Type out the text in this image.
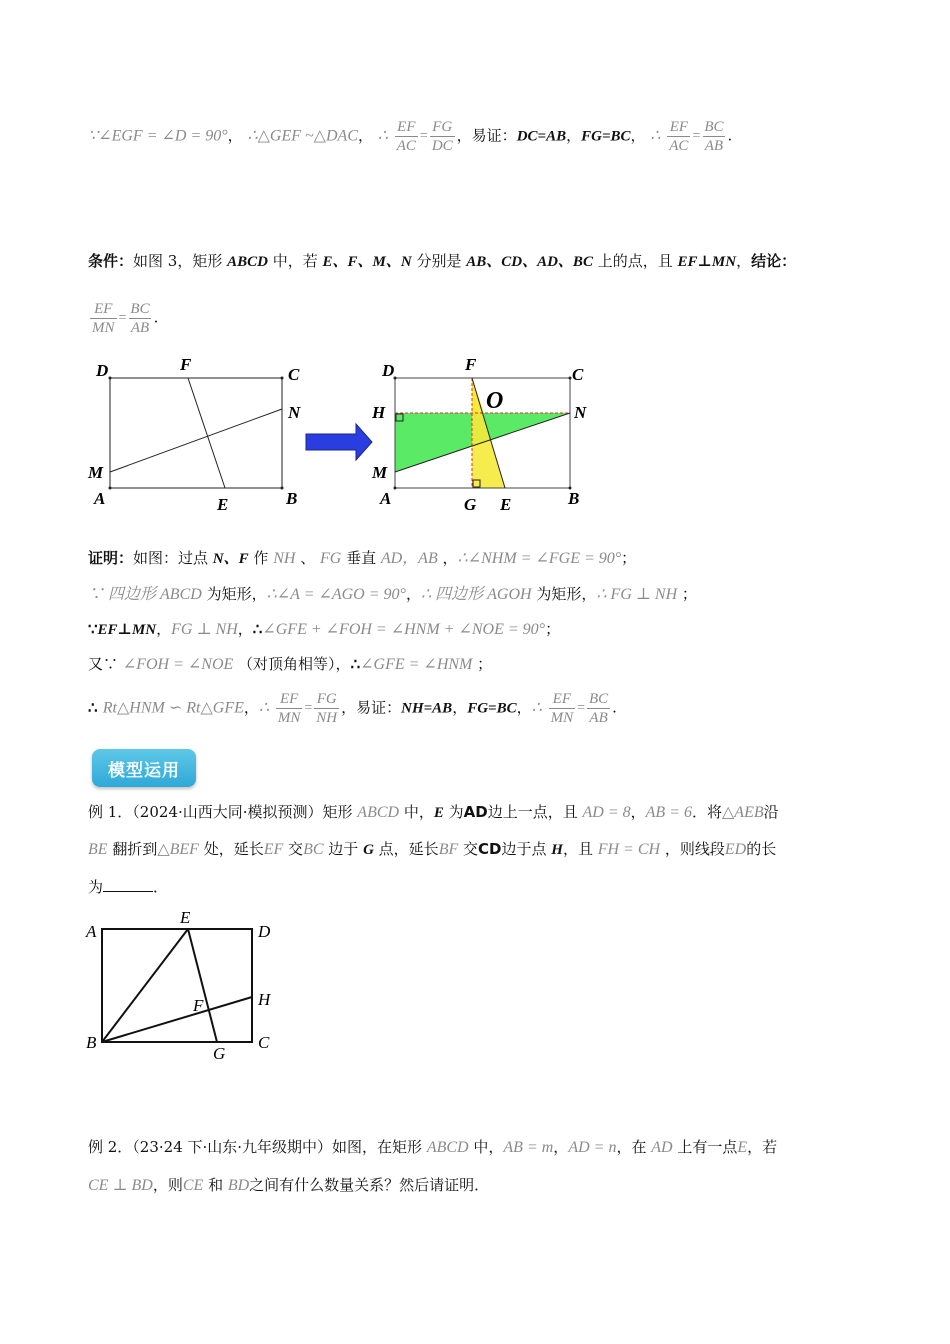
∵∠EGF = ∠D = 90°， ∴△GEF ~△DAC， ∴ $\frac{EF}{AC} = \frac{FG}{DC}$ ，易证：DC=AB，FG=BC， ∴ $\frac{EF}{AC} = \frac{BC}{AB}$ .
条件：如图 3，矩形 ABCD 中，若 E、F、M、N 分别是 AB、CD、AD、BC 上的点，且 EF⊥MN，结论：
$\frac{EF}{MN} = \frac{BC}{AB}$ .
D	F
C
N
M
A	E	B
D	F
C
H	O	N
M
A	G E	B
证明：如图：过点 N、F 作 NH 、 FG 垂直 AD，AB ，∴∠NHM = ∠FGE = 90°；
∵ 四边形 ABCD 为矩形，∴∠A = ∠AGO = 90°，∴ 四边形 AGOH 为矩形，∴ FG ⊥ NH ；
∵EF⊥MN，FG ⊥ NH，∴∠GFE + ∠FOH = ∠HNM + ∠NOE = 90°；
又∵ ∠FOH = ∠NOE （对顶角相等），∴∠GFE = ∠HNM ；
∴ Rt△HNM ∽ Rt△GFE，∴ $\frac{EF}{MN} = \frac{FG}{NH}$ ，易证：NH=AB，FG=BC，∴ $\frac{EF}{MN} = \frac{BC}{AB}$ .
模型运用
例 1．（2024·山西大同·模拟预测）矩形 ABCD 中，E 为AD边上一点，且 AD = 8，AB = 6．将△AEB沿
BE 翻折到△BEF 处，延长EF 交BC 边于 G 点，延长BF 交CD边于点 H，且 FH = CH ，则线段ED的长
为	．
A
E
D
H
F
B
G
C
例 2．（23·24 下·山东·九年级期中）如图，在矩形 ABCD 中，AB = m，AD = n，在 AD 上有一点E，若
CE ⊥ BD，则CE 和 BD之间有什么数量关系？然后请证明．
